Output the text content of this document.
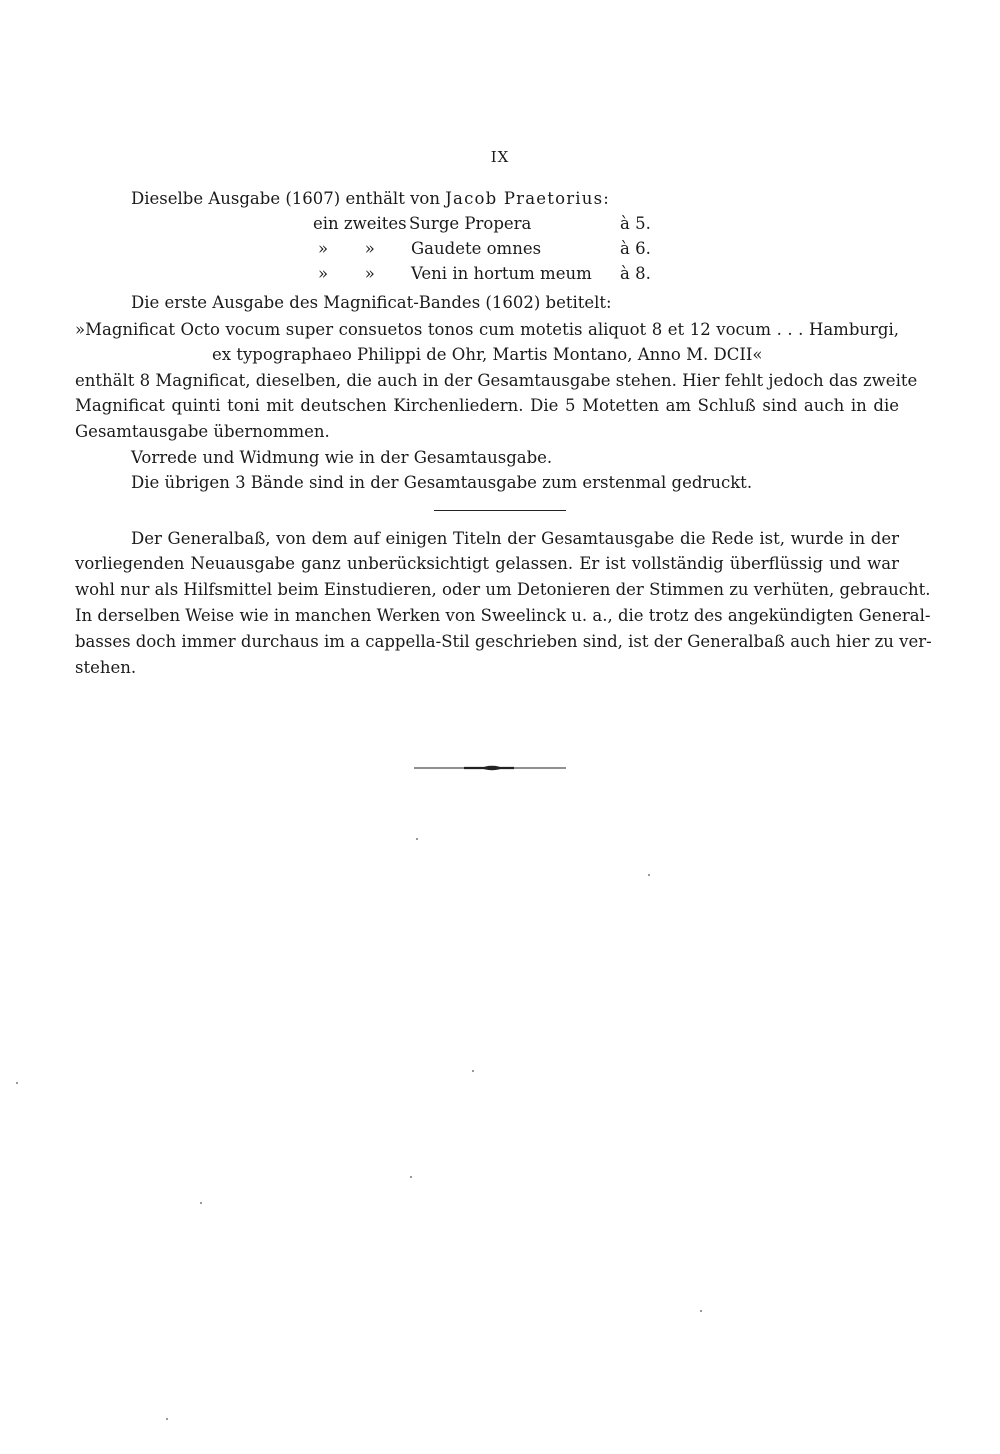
IX
Dieselbe Ausgabe (1607) enthält von Jacob Praetorius:
ein zweites Surge Propera	à 5.
»       » Gaudete omnes	à 6.
»       » Veni in hortum meum à 8.
Die erste Ausgabe des Magnificat-Bandes (1602) betitelt:
»Magnificat Octo vocum super consuetos tonos cum motetis aliquot 8 et 12 vocum . . . Hamburgi,
ex typographaeo Philippi de Ohr, Martis Montano, Anno M. DCII«
enthält 8 Magnificat, dieselben, die auch in der Gesamtausgabe stehen. Hier fehlt jedoch das zweite
Magnificat quinti toni mit deutschen Kirchenliedern. Die 5 Motetten am Schluß sind auch in die
Gesamtausgabe übernommen.
Vorrede und Widmung wie in der Gesamtausgabe.
Die übrigen 3 Bände sind in der Gesamtausgabe zum erstenmal gedruckt.
Der Generalbaß, von dem auf einigen Titeln der Gesamtausgabe die Rede ist, wurde in der
vorliegenden Neuausgabe ganz unberücksichtigt gelassen. Er ist vollständig überflüssig und war
wohl nur als Hilfsmittel beim Einstudieren, oder um Detonieren der Stimmen zu verhüten, gebraucht.
In derselben Weise wie in manchen Werken von Sweelinck u. a., die trotz des angekündigten General-
basses doch immer durchaus im a cappella-Stil geschrieben sind, ist der Generalbaß auch hier zu ver-
stehen.
